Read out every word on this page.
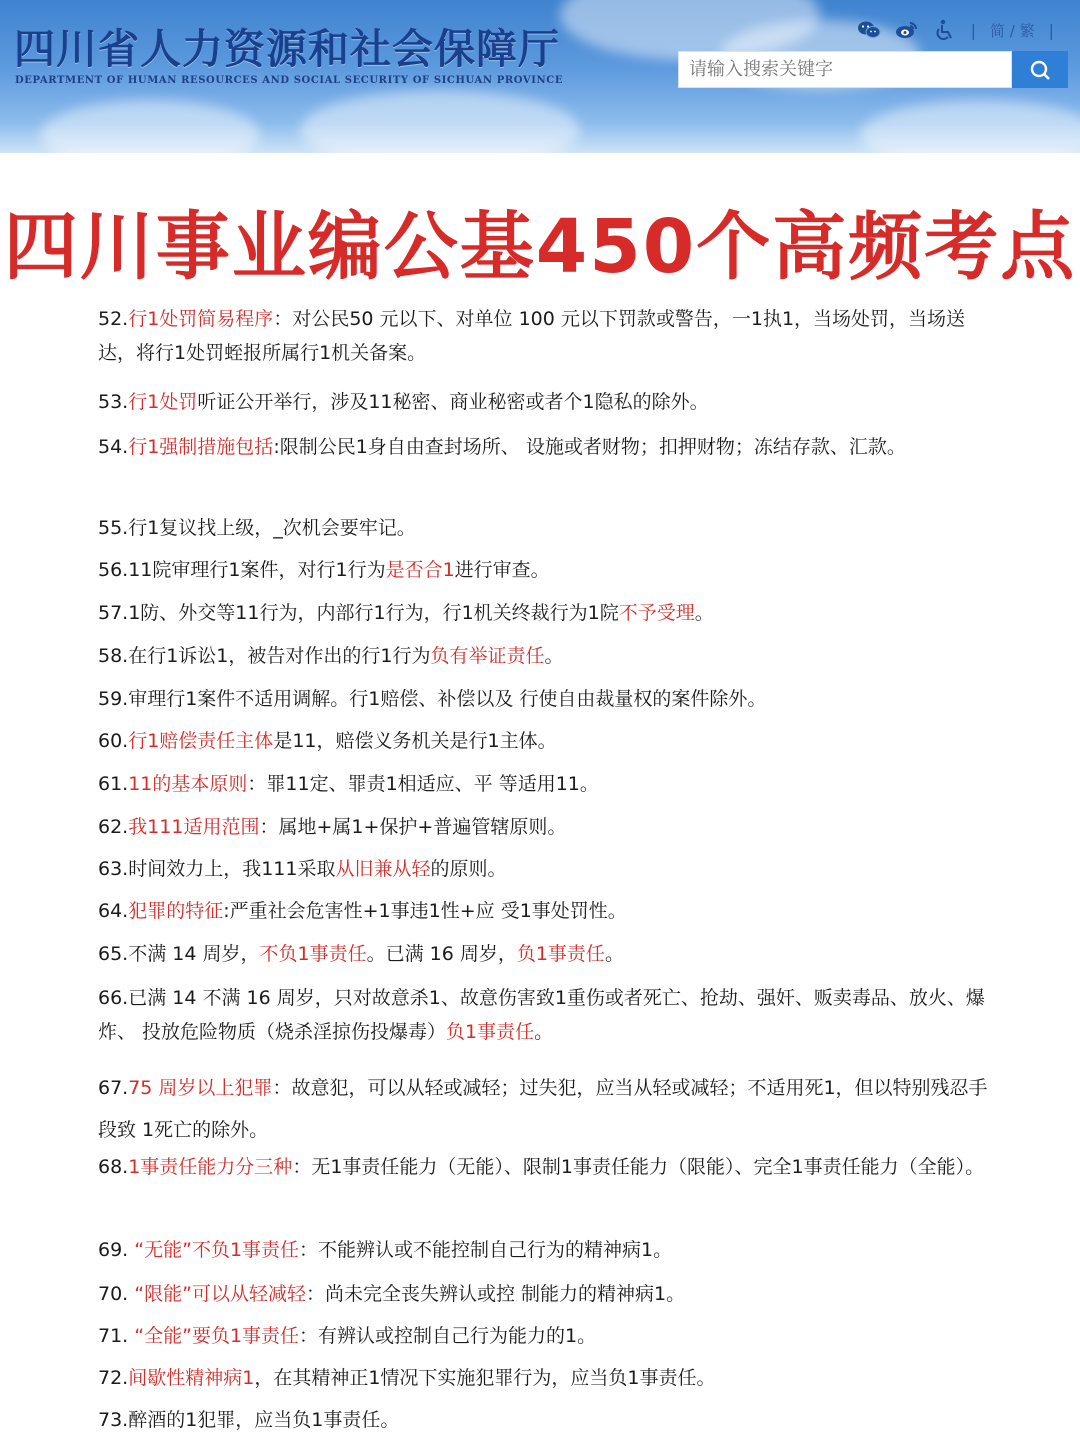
四川省人力资源和社会保障厅
DEPARTMENT OF HUMAN RESOURCES AND SOCIAL SECURITY OF SICHUAN PROVINCE
| 简 / 繁 |
请输入搜索关键字
四川事业编公基450个高频考点
52.行1处罚简易程序：对公民50 元以下、对单位 100 元以下罚款或警告，一1执1，当场处罚，当场送达，将行1处罚蛭报所属行1机关备案。
53.行1处罚听证公开举行，涉及11秘密、商业秘密或者个1隐私的除外。
54.行1强制措施包括:限制公民1身自由查封场所、 设施或者财物；扣押财物；冻结存款、汇款。
55.行1复议找上级，_次机会要牢记。
56.11院审理行1案件，对行1行为是否合1进行审查。
57.1防、外交等11行为，内部行1行为，行1机关终裁行为1院不予受理。
58.在行1诉讼1，被告对作出的行1行为负有举证责任。
59.审理行1案件不适用调解。行1赔偿、补偿以及 行使自由裁量权的案件除外。
60.行1赔偿责任主体是11，赔偿义务机关是行1主体。
61.11的基本原则：罪11定、罪责1相适应、平 等适用11。
62.我111适用范围：属地+属1+保护+普遍管辖原则。
63.时间效力上，我111采取从旧兼从轻的原则。
64.犯罪的特征:严重社会危害性+1事违1性+应 受1事处罚性。
65.不满 14 周岁，不负1事责任。已满 16 周岁，负1事责任。
66.已满 14 不满 16 周岁，只对故意杀1、故意伤害致1重伤或者死亡、抢劫、强奸、贩卖毒品、放火、爆炸、 投放危险物质（烧杀淫掠伤投爆毒）负1事责任。
67.75 周岁以上犯罪：故意犯，可以从轻或减轻；过失犯，应当从轻或减轻；不适用死1，但以特别残忍手段致 1死亡的除外。
68.1事责任能力分三种：无1事责任能力（无能）、限制1事责任能力（限能）、完全1事责任能力（全能）。
69. “无能”不负1事责任：不能辨认或不能控制自己行为的精神病1。
70. “限能”可以从轻减轻：尚未完全丧失辨认或控 制能力的精神病1。
71. “全能”要负1事责任：有辨认或控制自己行为能力的1。
72.间歇性精神病1，在其精神正1情况下实施犯罪行为，应当负1事责任。
73.醉酒的1犯罪，应当负1事责任。
